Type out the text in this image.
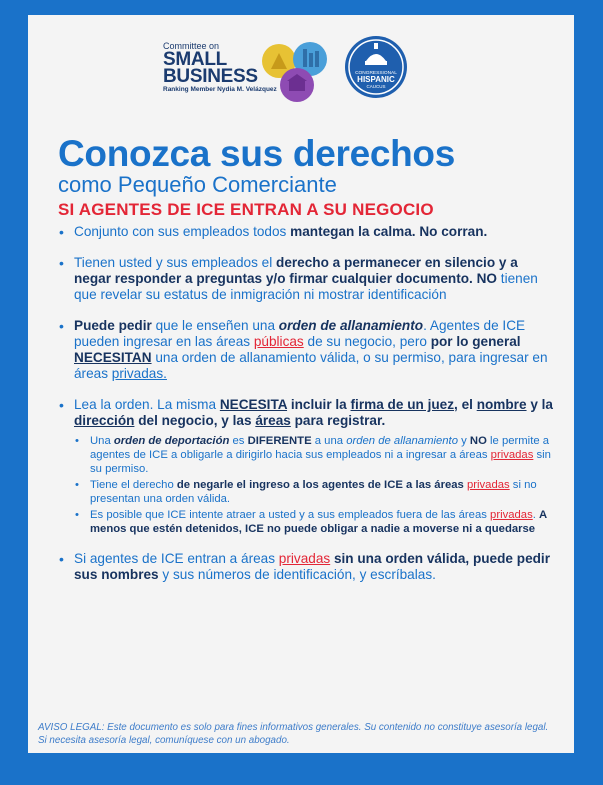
Committee on
SMALL
BUSINESS
Ranking Member Nydia M. Velázquez
CONGRESSIONAL
HISPANIC
CAUCUS
Conozca sus derechos

como Pequeño Comerciante

SI AGENTES DE ICE ENTRAN A SU NEGOCIO

• Conjunto con sus empleados todos mantegan la calma. No corran.
• Tienen usted y sus empleados el derecho a permanecer en silencio y a negar responder a preguntas y/o firmar cualquier documento. NO tienen que revelar su estatus de inmigración ni mostrar identificación
• Puede pedir que le enseñen una orden de allanamiento. Agentes de ICE pueden ingresar en las áreas públicas de su negocio, pero por lo general NECESITAN una orden de allanamiento válida, o su permiso, para ingresar en áreas privadas.
• Lea la orden. La misma NECESITA incluir la firma de un juez, el nombre y la dirección del negocio, y las áreas para registrar.
• Una orden de deportación es DIFERENTE a una orden de allanamiento y NO le permite a agentes de ICE a obligarle a dirigirlo hacia sus empleados ni a ingresar a áreas privadas sin su permiso.
• Tiene el derecho de negarle el ingreso a los agentes de ICE a las áreas privadas si no presentan una orden válida.
• Es posible que ICE intente atraer a usted y a sus empleados fuera de las áreas privadas. A menos que estén detenidos, ICE no puede obligar a nadie a moverse ni a quedarse
• Si agentes de ICE entran a áreas privadas sin una orden válida, puede pedir sus nombres y sus números de identificación, y escríbalas.
AVISO LEGAL: Este documento es solo para fines informativos generales. Su contenido no constituye asesoría legal. Si necesita asesoría legal, comuníquese con un abogado.
